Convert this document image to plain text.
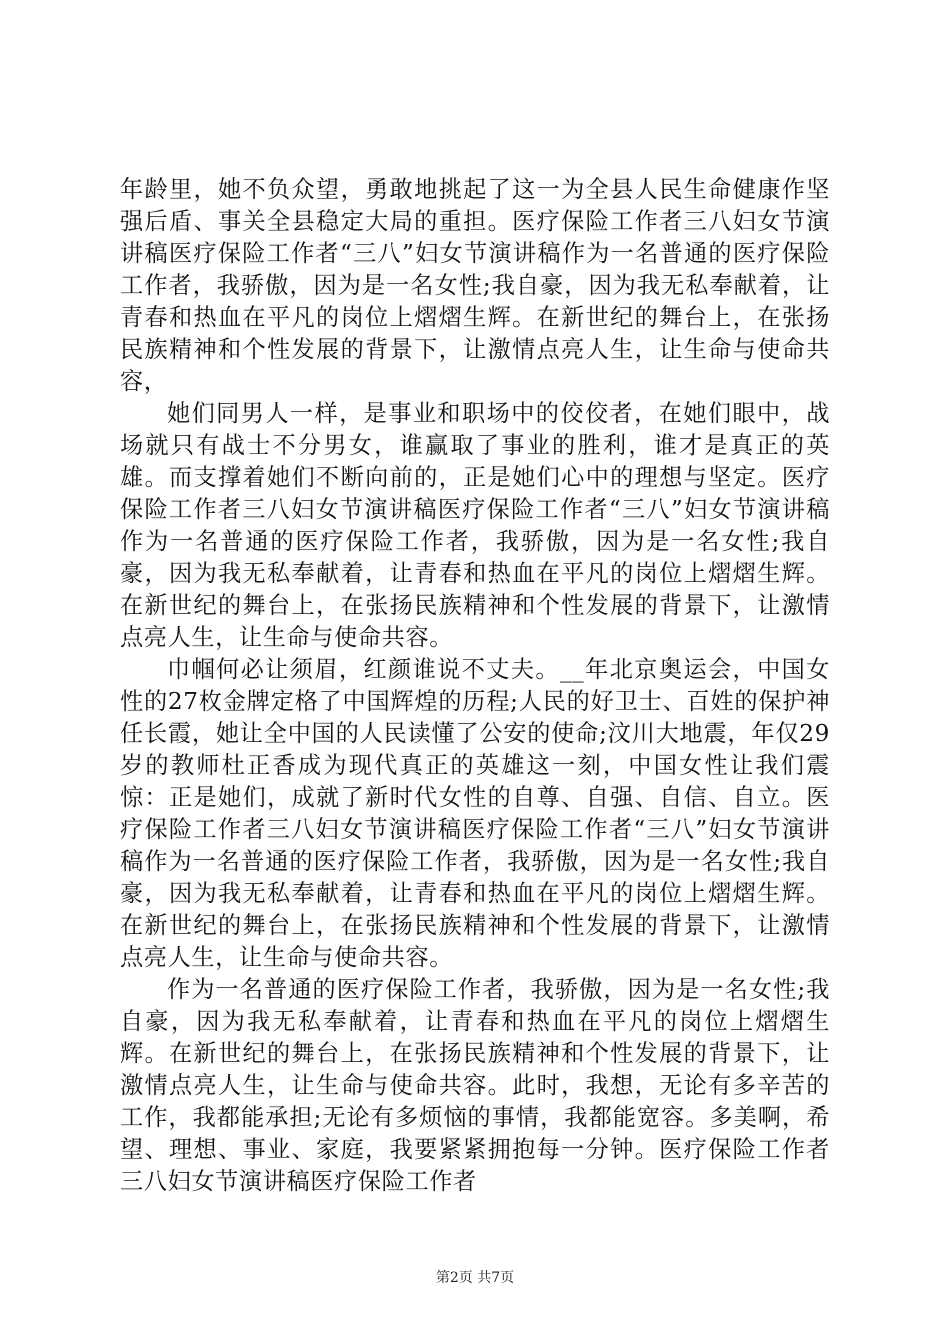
年龄里，她不负众望，勇敢地挑起了这一为全县人民生命健康作坚强后盾、事关全县稳定大局的重担。医疗保险工作者三八妇女节演讲稿医疗保险工作者“三八”妇女节演讲稿作为一名普通的医疗保险工作者，我骄傲，因为是一名女性;我自豪，因为我无私奉献着，让青春和热血在平凡的岗位上熠熠生辉。在新世纪的舞台上，在张扬民族精神和个性发展的背景下，让激情点亮人生，让生命与使命共容，

她们同男人一样，是事业和职场中的佼佼者，在她们眼中，战场就只有战士不分男女，谁赢取了事业的胜利，谁才是真正的英雄。而支撑着她们不断向前的，正是她们心中的理想与坚定。医疗保险工作者三八妇女节演讲稿医疗保险工作者“三八”妇女节演讲稿作为一名普通的医疗保险工作者，我骄傲，因为是一名女性;我自豪，因为我无私奉献着，让青春和热血在平凡的岗位上熠熠生辉。在新世纪的舞台上，在张扬民族精神和个性发展的背景下，让激情点亮人生，让生命与使命共容。

巾帼何必让须眉，红颜谁说不丈夫。__年北京奥运会，中国女性的27枚金牌定格了中国辉煌的历程;人民的好卫士、百姓的保护神任长霞，她让全中国的人民读懂了公安的使命;汶川大地震，年仅29岁的教师杜正香成为现代真正的英雄这一刻，中国女性让我们震惊：正是她们，成就了新时代女性的自尊、自强、自信、自立。医疗保险工作者三八妇女节演讲稿医疗保险工作者“三八”妇女节演讲稿作为一名普通的医疗保险工作者，我骄傲，因为是一名女性;我自豪，因为我无私奉献着，让青春和热血在平凡的岗位上熠熠生辉。在新世纪的舞台上，在张扬民族精神和个性发展的背景下，让激情点亮人生，让生命与使命共容。

作为一名普通的医疗保险工作者，我骄傲，因为是一名女性;我自豪，因为我无私奉献着，让青春和热血在平凡的岗位上熠熠生辉。在新世纪的舞台上，在张扬民族精神和个性发展的背景下，让激情点亮人生，让生命与使命共容。此时，我想，无论有多辛苦的工作，我都能承担;无论有多烦恼的事情，我都能宽容。多美啊，希望、理想、事业、家庭，我要紧紧拥抱每一分钟。医疗保险工作者三八妇女节演讲稿医疗保险工作者

第2页 共7页
